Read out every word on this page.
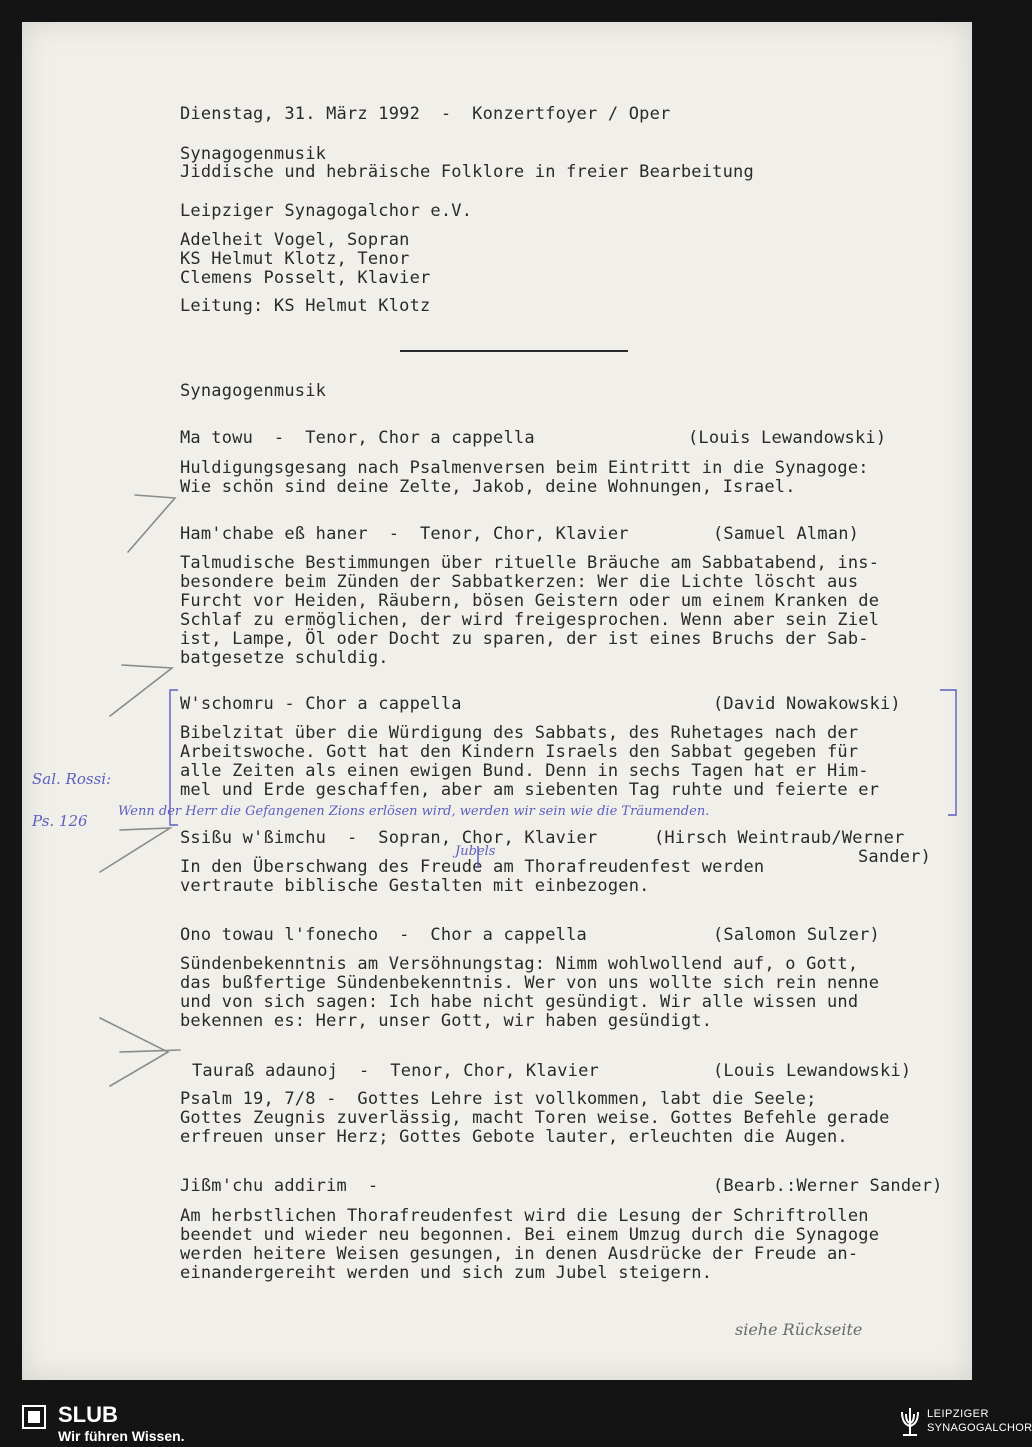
Dienstag, 31. März 1992  -  Konzertfoyer / Oper
Synagogenmusik
Jiddische und hebräische Folklore in freier Bearbeitung
Leipziger Synagogalchor e.V.
Adelheit Vogel, Sopran
KS Helmut Klotz, Tenor
Clemens Posselt, Klavier
Leitung: KS Helmut Klotz
Synagogenmusik
Ma towu  -  Tenor, Chor a cappella	(Louis Lewandowski)
Huldigungsgesang nach Psalmenversen beim Eintritt in die Synagoge:
Wie schön sind deine Zelte, Jakob, deine Wohnungen, Israel.
Ham'chabe eß haner  -  Tenor, Chor, Klavier	(Samuel Alman)
Talmudische Bestimmungen über rituelle Bräuche am Sabbatabend, ins-
besondere beim Zünden der Sabbatkerzen: Wer die Lichte löscht aus
Furcht vor Heiden, Räubern, bösen Geistern oder um einem Kranken de
Schlaf zu ermöglichen, der wird freigesprochen. Wenn aber sein Ziel
ist, Lampe, Öl oder Docht zu sparen, der ist eines Bruchs der Sab-
batgesetze schuldig.
W'schomru - Chor a cappella	(David Nowakowski)
Bibelzitat über die Würdigung des Sabbats, des Ruhetages nach der
Arbeitswoche. Gott hat den Kindern Israels den Sabbat gegeben für
alle Zeiten als einen ewigen Bund. Denn in sechs Tagen hat er Him-
mel und Erde geschaffen, aber am siebenten Tag ruhte und feierte er
Ssißu w'ßimchu  -  Sopran, Chor, Klavier	(Hirsch Weintraub/Werner
Sander)
In den Überschwang des Freude am Thorafreudenfest werden
vertraute biblische Gestalten mit einbezogen.
Ono towau l'fonecho  -  Chor a cappella	(Salomon Sulzer)
Sündenbekenntnis am Versöhnungstag: Nimm wohlwollend auf, o Gott,
das bußfertige Sündenbekenntnis. Wer von uns wollte sich rein nenne
und von sich sagen: Ich habe nicht gesündigt. Wir alle wissen und
bekennen es: Herr, unser Gott, wir haben gesündigt.
Tauraß adaunoj  -  Tenor, Chor, Klavier	(Louis Lewandowski)
Psalm 19, 7/8 -  Gottes Lehre ist vollkommen, labt die Seele;
Gottes Zeugnis zuverlässig, macht Toren weise. Gottes Befehle gerade
erfreuen unser Herz; Gottes Gebote lauter, erleuchten die Augen.
Jißm'chu addirim  -	(Bearb.:Werner Sander)
Am herbstlichen Thorafreudenfest wird die Lesung der Schriftrollen
beendet und wieder neu begonnen. Bei einem Umzug durch die Synagoge
werden heitere Weisen gesungen, in denen Ausdrücke der Freude an-
einandergereiht werden und sich zum Jubel steigern.
Sal. Rossi:
Ps. 126
Wenn der Herr die Gefangenen Zions erlösen wird, werden wir sein wie die Träumenden.
Jubels
siehe Rückseite
SLUB
Wir führen Wissen.
LEIPZIGER
SYNAGOGALCHOR
